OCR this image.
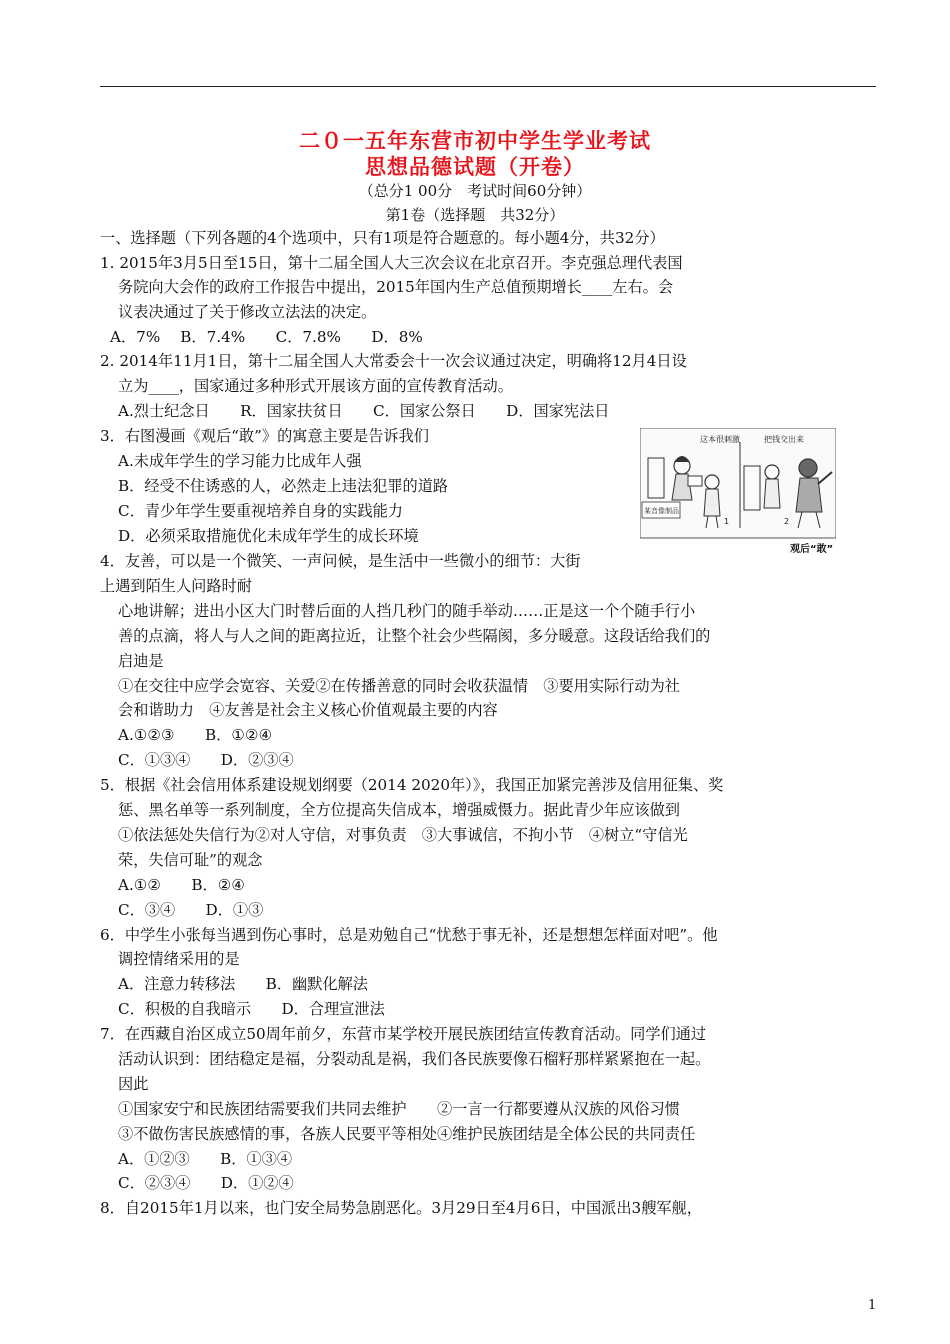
二０一五年东营市初中学生学业考试
思想品德试题（开卷）
（总分1 00分　考试时间60分钟）
第1卷（选择题　共32分）
一、选择题（下列各题的4个选项中，只有1项是符合题意的。每小题4分，共32分）
1. 2015年3月5日至15日，第十二届全国人大三次会议在北京召开。李克强总理代表国
务院向大会作的政府工作报告中提出，2015年国内生产总值预期增长____左右。会
议表决通过了关于修改立法法的决定。
A．7%　 B．7.4%　　C．7.8%　　D．8%
2. 2014年11月1日，第十二届全国人大常委会十一次会议通过决定，明确将12月4日设
立为____，国家通过多种形式开展该方面的宣传教育活动。
A.烈士纪念日　　R．国家扶贫日　　C．国家公祭日　　D．国家宪法日
3．右图漫画《观后“敢”》的寓意主要是告诉我们
A.未成年学生的学习能力比成年人强
B．经受不住诱惑的人，必然走上违法犯罪的道路
C．青少年学生要重视培养自身的实践能力
D．必须采取措施优化未成年学生的成长环境
4．友善，可以是一个微笑、一声问候，是生活中一些微小的细节：大街
上遇到陌生人问路时耐
心地讲解；进出小区大门时替后面的人挡几秒门的随手举动……正是这一个个随手行小
善的点滴，将人与人之间的距离拉近，让整个社会少些隔阂，多分暖意。这段话给我们的
启迪是
①在交往中应学会宽容、关爱②在传播善意的同时会收获温情　③要用实际行动为社
会和谐助力　④友善是社会主义核心价值观最主要的内容
A.①②③　　B．①②④
C．①③④　　D．②③④
5．根据《社会信用体系建设规划纲要（2014 2020年）》，我国正加紧完善涉及信用征集、奖
惩、黑名单等一系列制度，全方位提高失信成本，增强威慑力。据此青少年应该做到
①依法惩处失信行为②对人守信，对事负责　③大事诚信，不拘小节　④树立“守信光
荣，失信可耻”的观念
A.①②　　B．②④
C．③④　　D．①③
6．中学生小张每当遇到伤心事时，总是劝勉自己“忧愁于事无补，还是想想怎样面对吧”。他
调控情绪采用的是
A．注意力转移法　　B．幽默化解法
C．积极的自我暗示　　D．合理宣泄法
7．在西藏自治区成立50周年前夕，东营市某学校开展民族团结宣传教育活动。同学们通过
活动认识到：团结稳定是福，分裂动乱是祸，我们各民族要像石榴籽那样紧紧抱在一起。
因此
①国家安宁和民族团结需要我们共同去维护　　②一言一行都要遵从汉族的风俗习惯
③不做伤害民族感情的事，各族人民要平等相处④维护民族团结是全体公民的共同责任
A．①②③　　B．①③④
C．②③④　　D．①②④
8．自2015年1月以来，也门安全局势急剧恶化。3月29日至4月6日，中国派出3艘军舰，
这本很刺激	把钱交出来
某音像制品
1	2
观后“敢”
1
